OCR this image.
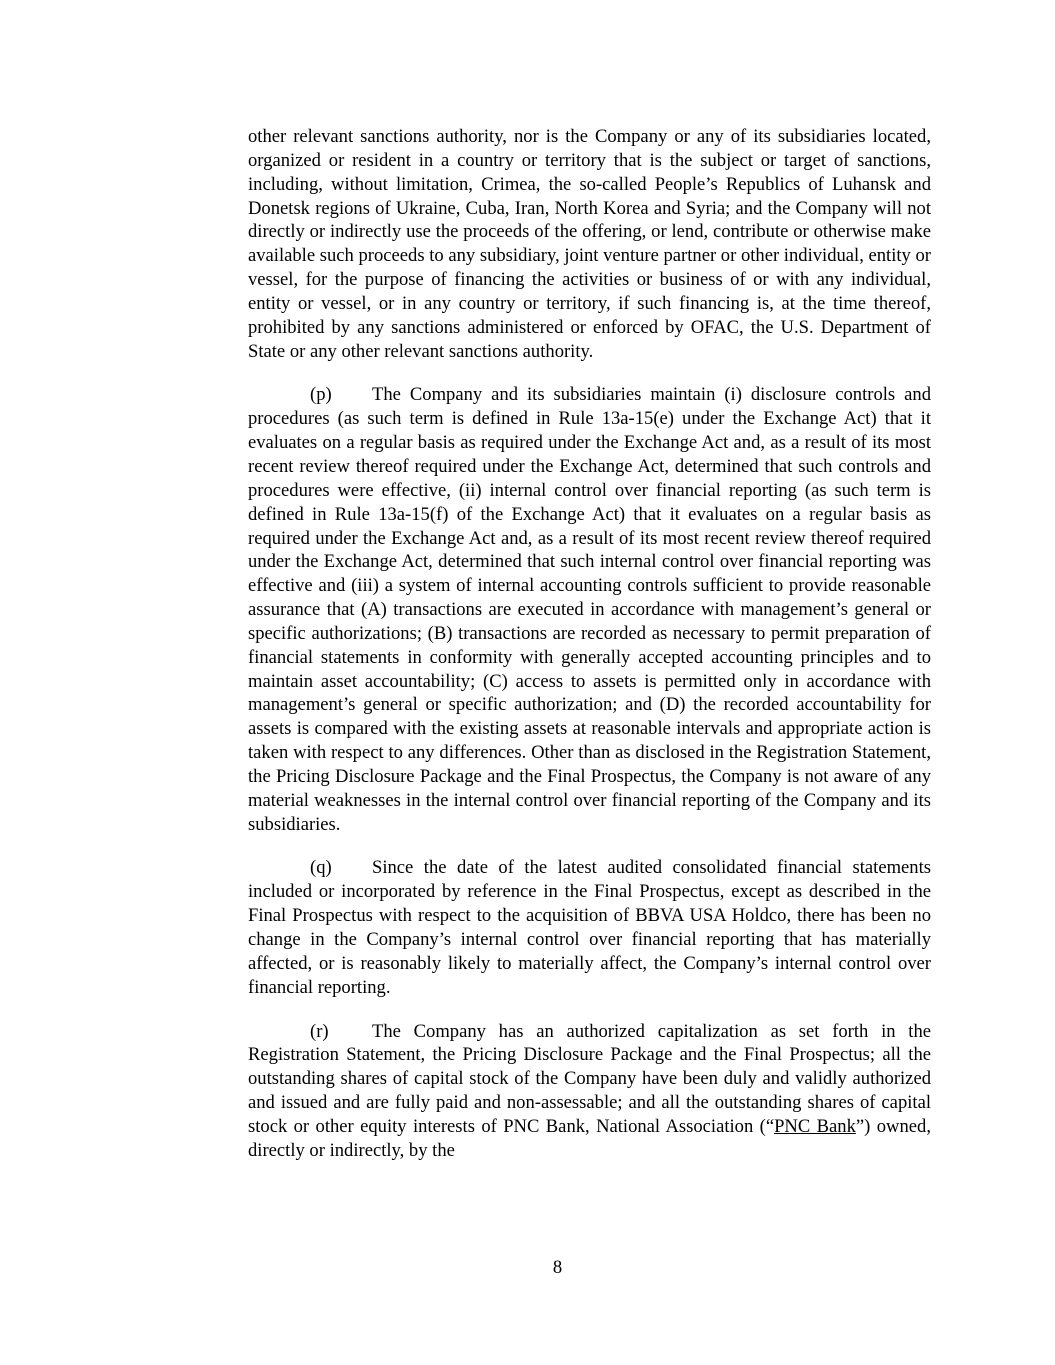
other relevant sanctions authority, nor is the Company or any of its subsidiaries located, organized or resident in a country or territory that is the subject or target of sanctions, including, without limitation, Crimea, the so-called People’s Republics of Luhansk and Donetsk regions of Ukraine, Cuba, Iran, North Korea and Syria; and the Company will not directly or indirectly use the proceeds of the offering, or lend, contribute or otherwise make available such proceeds to any subsidiary, joint venture partner or other individual, entity or vessel, for the purpose of financing the activities or business of or with any individual, entity or vessel, or in any country or territory, if such financing is, at the time thereof, prohibited by any sanctions administered or enforced by OFAC, the U.S. Department of State or any other relevant sanctions authority.

(p) The Company and its subsidiaries maintain (i) disclosure controls and procedures (as such term is defined in Rule 13a-15(e) under the Exchange Act) that it evaluates on a regular basis as required under the Exchange Act and, as a result of its most recent review thereof required under the Exchange Act, determined that such controls and procedures were effective, (ii) internal control over financial reporting (as such term is defined in Rule 13a-15(f) of the Exchange Act) that it evaluates on a regular basis as required under the Exchange Act and, as a result of its most recent review thereof required under the Exchange Act, determined that such internal control over financial reporting was effective and (iii) a system of internal accounting controls sufficient to provide reasonable assurance that (A) transactions are executed in accordance with management’s general or specific authorizations; (B) transactions are recorded as necessary to permit preparation of financial statements in conformity with generally accepted accounting principles and to maintain asset accountability; (C) access to assets is permitted only in accordance with management’s general or specific authorization; and (D) the recorded accountability for assets is compared with the existing assets at reasonable intervals and appropriate action is taken with respect to any differences. Other than as disclosed in the Registration Statement, the Pricing Disclosure Package and the Final Prospectus, the Company is not aware of any material weaknesses in the internal control over financial reporting of the Company and its subsidiaries.

(q) Since the date of the latest audited consolidated financial statements included or incorporated by reference in the Final Prospectus, except as described in the Final Prospectus with respect to the acquisition of BBVA USA Holdco, there has been no change in the Company’s internal control over financial reporting that has materially affected, or is reasonably likely to materially affect, the Company’s internal control over financial reporting.

(r) The Company has an authorized capitalization as set forth in the Registration Statement, the Pricing Disclosure Package and the Final Prospectus; all the outstanding shares of capital stock of the Company have been duly and validly authorized and issued and are fully paid and non-assessable; and all the outstanding shares of capital stock or other equity interests of PNC Bank, National Association (“PNC Bank”) owned, directly or indirectly, by the

8
